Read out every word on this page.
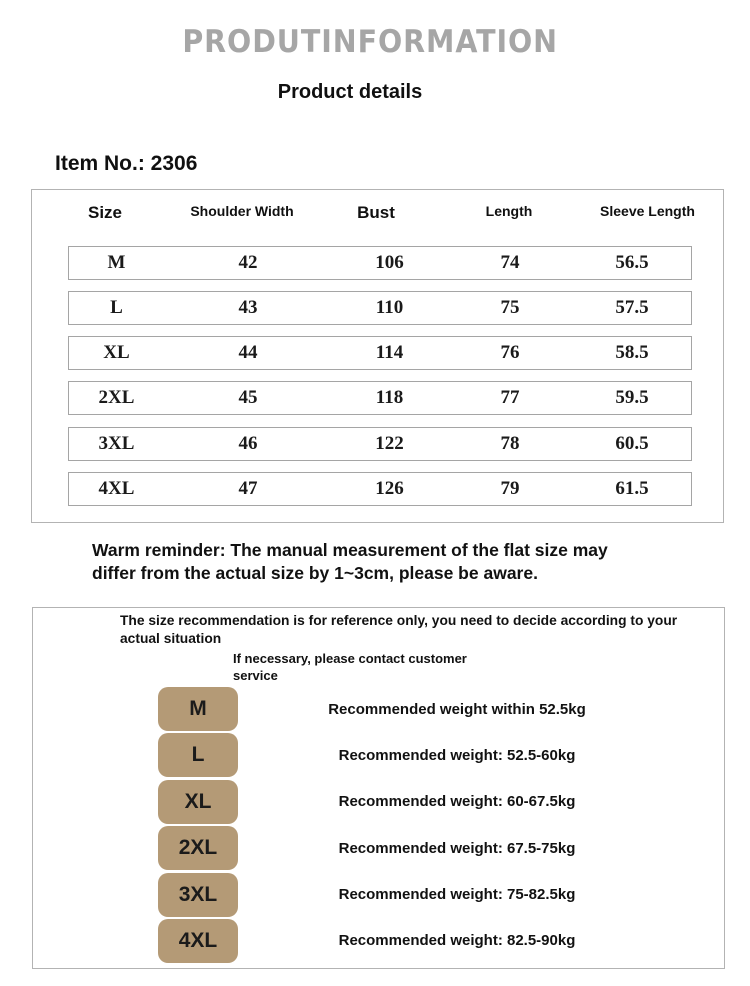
PRODUTINFORMATION
Product details
Item No.: 2306
Size	Shoulder Width	Bust	Length	Sleeve Length
M	42	106	74	56.5
L	43	110	75	57.5
XL	44	114	76	58.5
2XL	45	118	77	59.5
3XL	46	122	78	60.5
4XL	47	126	79	61.5
Warm reminder: The manual measurement of the flat size may
differ from the actual size by 1~3cm, please be aware.
The size recommendation is for reference only, you need to decide according to your actual situation
If necessary, please contact customer service
M	Recommended weight within 52.5kg
L	Recommended weight: 52.5-60kg
XL	Recommended weight: 60-67.5kg
2XL	Recommended weight: 67.5-75kg
3XL	Recommended weight: 75-82.5kg
4XL	Recommended weight: 82.5-90kg
